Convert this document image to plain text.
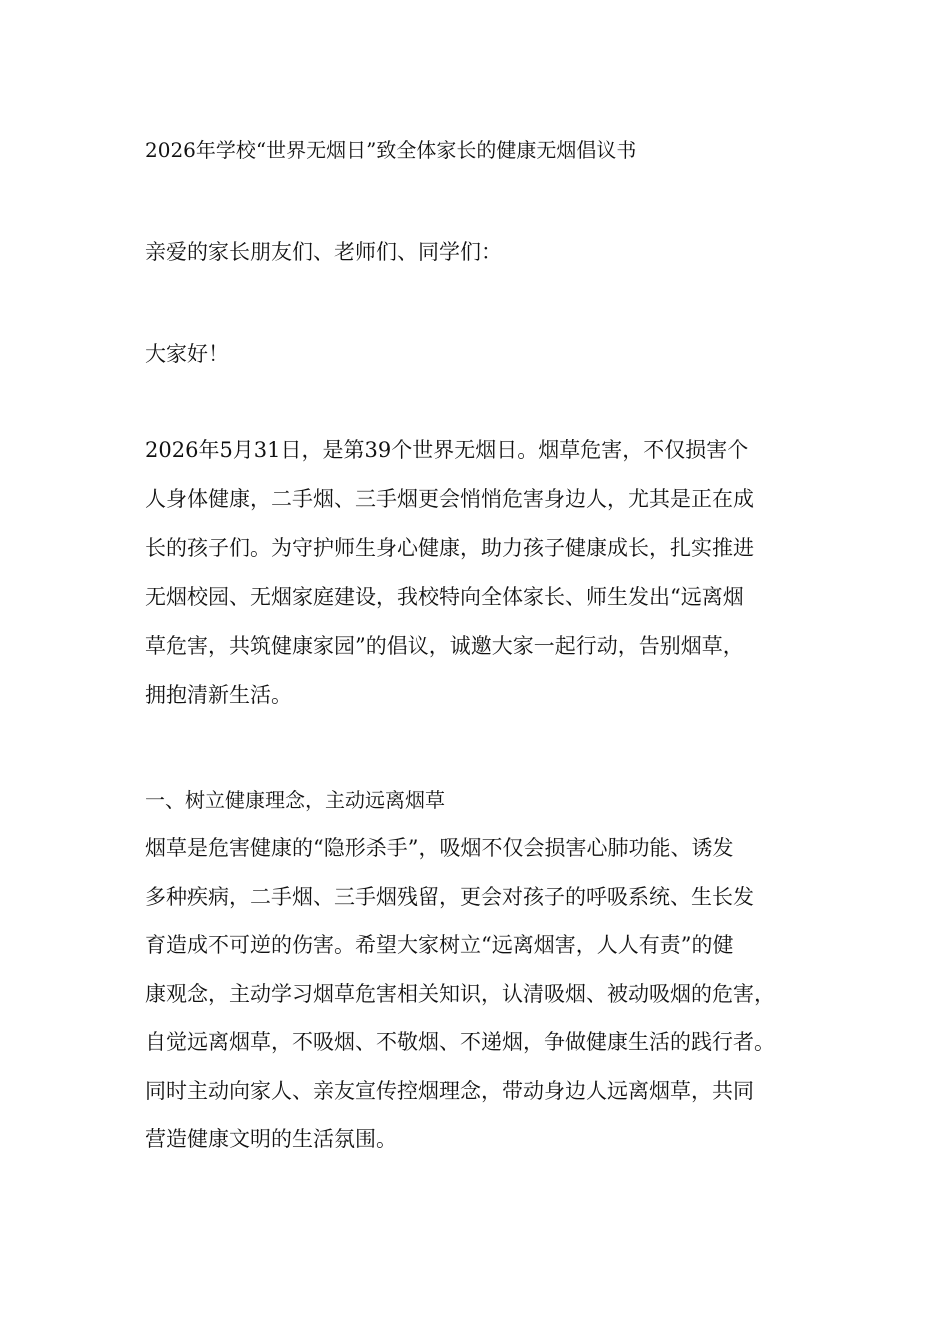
2026年学校“世界无烟日”致全体家长的健康无烟倡议书
亲爱的家长朋友们、老师们、同学们：
大家好！
2026年5月31日，是第39个世界无烟日。烟草危害，不仅损害个
人身体健康，二手烟、三手烟更会悄悄危害身边人，尤其是正在成
长的孩子们。为守护师生身心健康，助力孩子健康成长，扎实推进
无烟校园、无烟家庭建设，我校特向全体家长、师生发出“远离烟
草危害，共筑健康家园”的倡议，诚邀大家一起行动，告别烟草，
拥抱清新生活。
一、树立健康理念，主动远离烟草
烟草是危害健康的“隐形杀手”，吸烟不仅会损害心肺功能、诱发
多种疾病，二手烟、三手烟残留，更会对孩子的呼吸系统、生长发
育造成不可逆的伤害。希望大家树立“远离烟害，人人有责”的健
康观念，主动学习烟草危害相关知识，认清吸烟、被动吸烟的危害，
自觉远离烟草，不吸烟、不敬烟、不递烟，争做健康生活的践行者。
同时主动向家人、亲友宣传控烟理念，带动身边人远离烟草，共同
营造健康文明的生活氛围。
